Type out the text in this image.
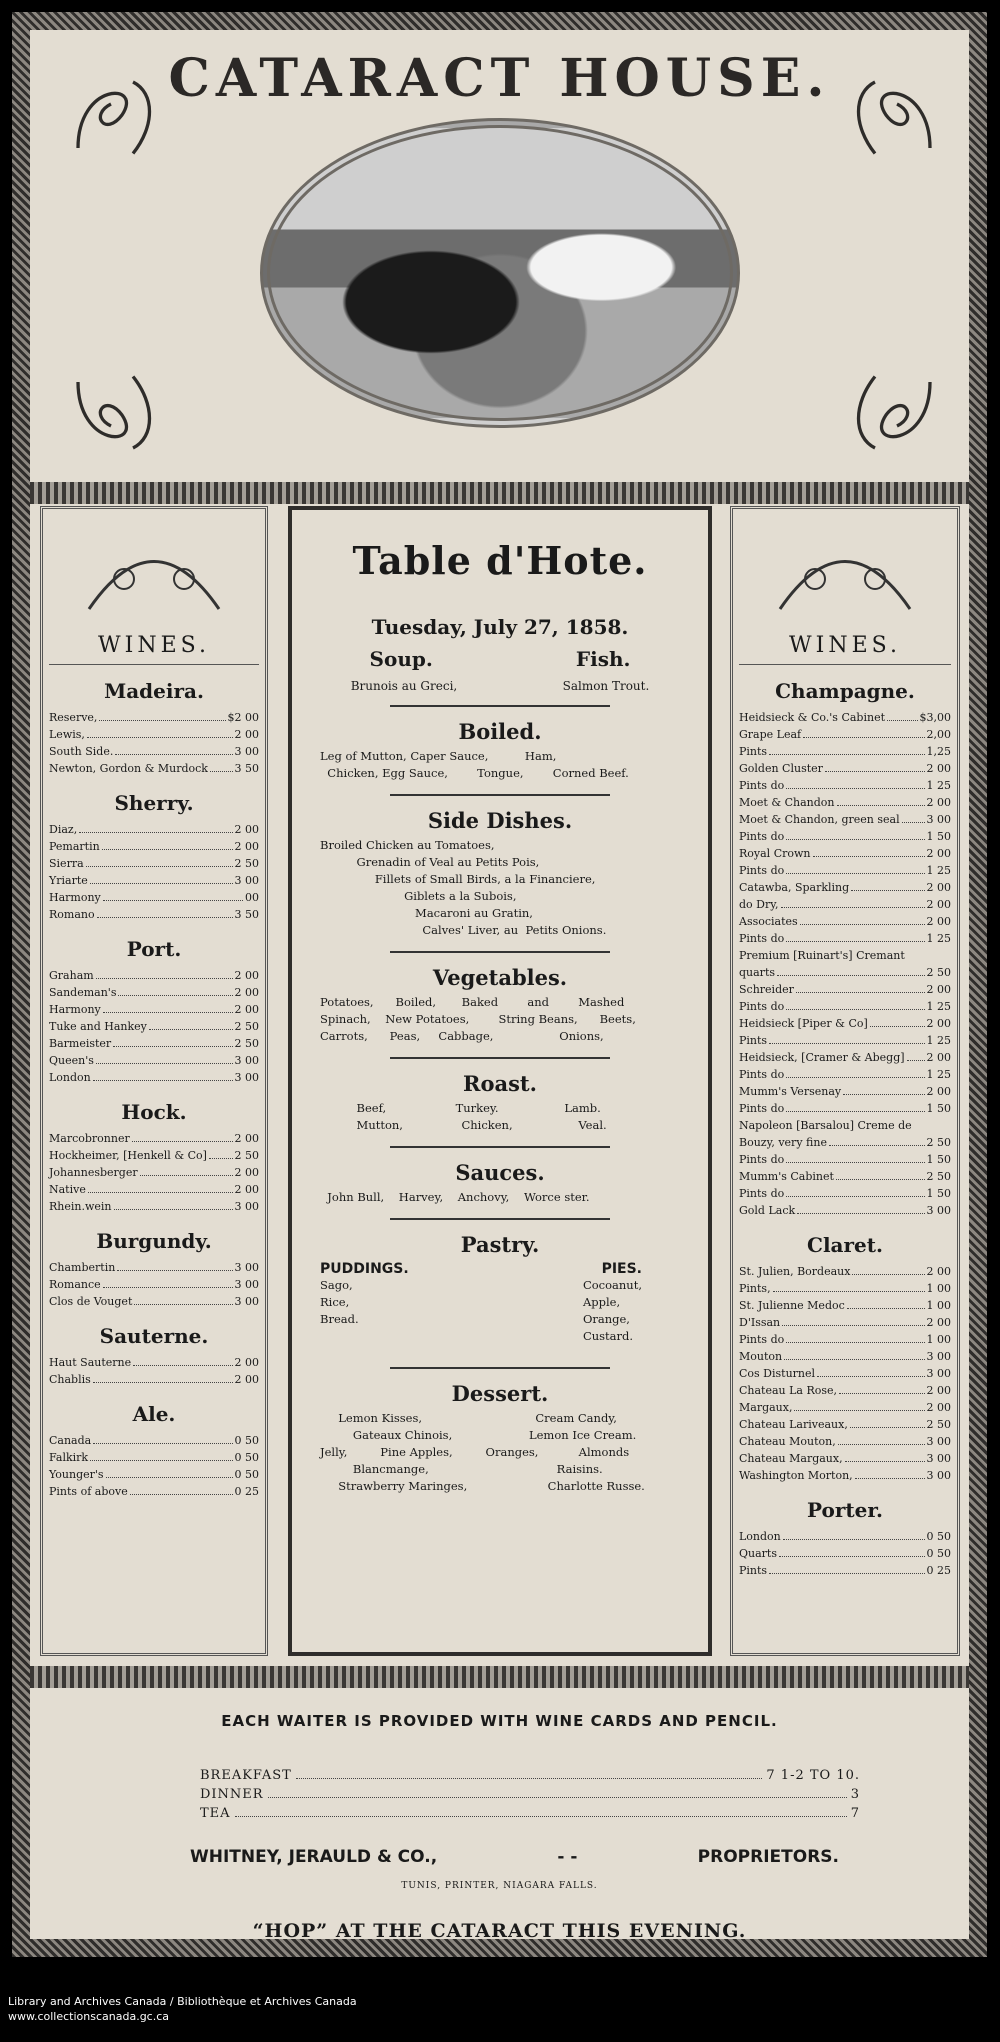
CATARACT HOUSE.
WINES.
Madeira.
Reserve,	$2 00
Lewis,	2 00
South Side.	3 00
Newton, Gordon & Murdock 3 50
Sherry.
Diaz,	2 00
Pemartin	2 00
Sierra	2 50
Yriarte	3 00
Harmony	00
Romano	3 50
Port.
Graham	2 00
Sandeman's	2 00
Harmony	2 00
Tuke and Hankey	2 50
Barmeister	2 50
Queen's	3 00
London	3 00
Hock.
Marcobronner	2 00
Hockheimer, [Henkell & Co]	2 50
Johannesberger	2 00
Native	2 00
Rhein.wein	3 00
Burgundy.
Chambertin	3 00
Romance	3 00
Clos de Vouget	3 00
Sauterne.
Haut Sauterne	2 00
Chablis	2 00
Ale.
Canada	0 50
Falkirk	0 50
Younger's	0 50
Pints of above	0 25
Table d'Hote.
Tuesday, July 27, 1858.
Soup.	Fish.
Brunois au Greci,	Salmon Trout.
Boiled.
Leg of Mutton, Caper Sauce,          Ham,
Chicken, Egg Sauce,        Tongue,        Corned Beef.
Side Dishes.
Broiled Chicken au Tomatoes,
Grenadin of Veal au Petits Pois,
Fillets of Small Birds, a la Financiere,
Giblets a la Subois,
Macaroni au Gratin,
Calves' Liver, au  Petits Onions.
Vegetables.
Potatoes,      Boiled,       Baked        and        Mashed
Spinach,    New Potatoes,        String Beans,      Beets,
Carrots,      Peas,     Cabbage,                  Onions,
Roast.
Beef,                   Turkey.                  Lamb.
Mutton,                Chicken,                  Veal.
Sauces.
John Bull,    Harvey,    Anchovy,    Worce ster.
Pastry.
PUDDINGS.	PIES.
Sago,
Rice,
Bread.
Cocoanut,
Apple,
Orange,
Custard.
Dessert.
Lemon Kisses,                               Cream Candy,
Gateaux Chinois,                     Lemon Ice Cream.
Jelly,         Pine Apples,         Oranges,           Almonds
Blancmange,                                   Raisins.
Strawberry Maringes,                      Charlotte Russe.
WINES.
Champagne.
Heidsieck & Co.'s Cabinet	$3,00
Grape Leaf	2,00
Pints	1,25
Golden Cluster	2 00
Pints do	1 25
Moet & Chandon	2 00
Moet & Chandon, green seal 3 00
Pints do	1 50
Royal Crown	2 00
Pints do	1 25
Catawba, Sparkling	2 00
do Dry,	2 00
Associates	2 00
Pints do	1 25
Premium [Ruinart's] Cremant
quarts	2 50
Schreider	2 00
Pints do	1 25
Heidsieck [Piper & Co]	2 00
Pints	1 25
Heidsieck, [Cramer & Abegg] 2 00
Pints do	1 25
Mumm's Versenay	2 00
Pints do	1 50
Napoleon [Barsalou] Creme de
Bouzy, very fine	2 50
Pints do	1 50
Mumm's Cabinet	2 50
Pints do	1 50
Gold Lack	3 00
Claret.
St. Julien, Bordeaux	2 00
Pints,	1 00
St. Julienne Medoc	1 00
D'Issan	2 00
Pints do	1 00
Mouton	3 00
Cos Disturnel	3 00
Chateau La Rose,	2 00
Margaux,	2 00
Chateau Lariveaux,	2 50
Chateau Mouton,	3 00
Chateau Margaux,	3 00
Washington Morton,	3 00
Porter.
London	0 50
Quarts	0 50
Pints	0 25
EACH WAITER IS PROVIDED WITH WINE CARDS AND PENCIL.
BREAKFAST	7 1-2 TO 10.
DINNER	3
TEA	7
WHITNEY, JERAULD & CO.,	- -	PROPRIETORS.
TUNIS, PRINTER, NIAGARA FALLS.
“HOP” AT THE CATARACT THIS EVENING.
Library and Archives Canada / Bibliothèque et Archives Canada
www.collectionscanada.gc.ca
